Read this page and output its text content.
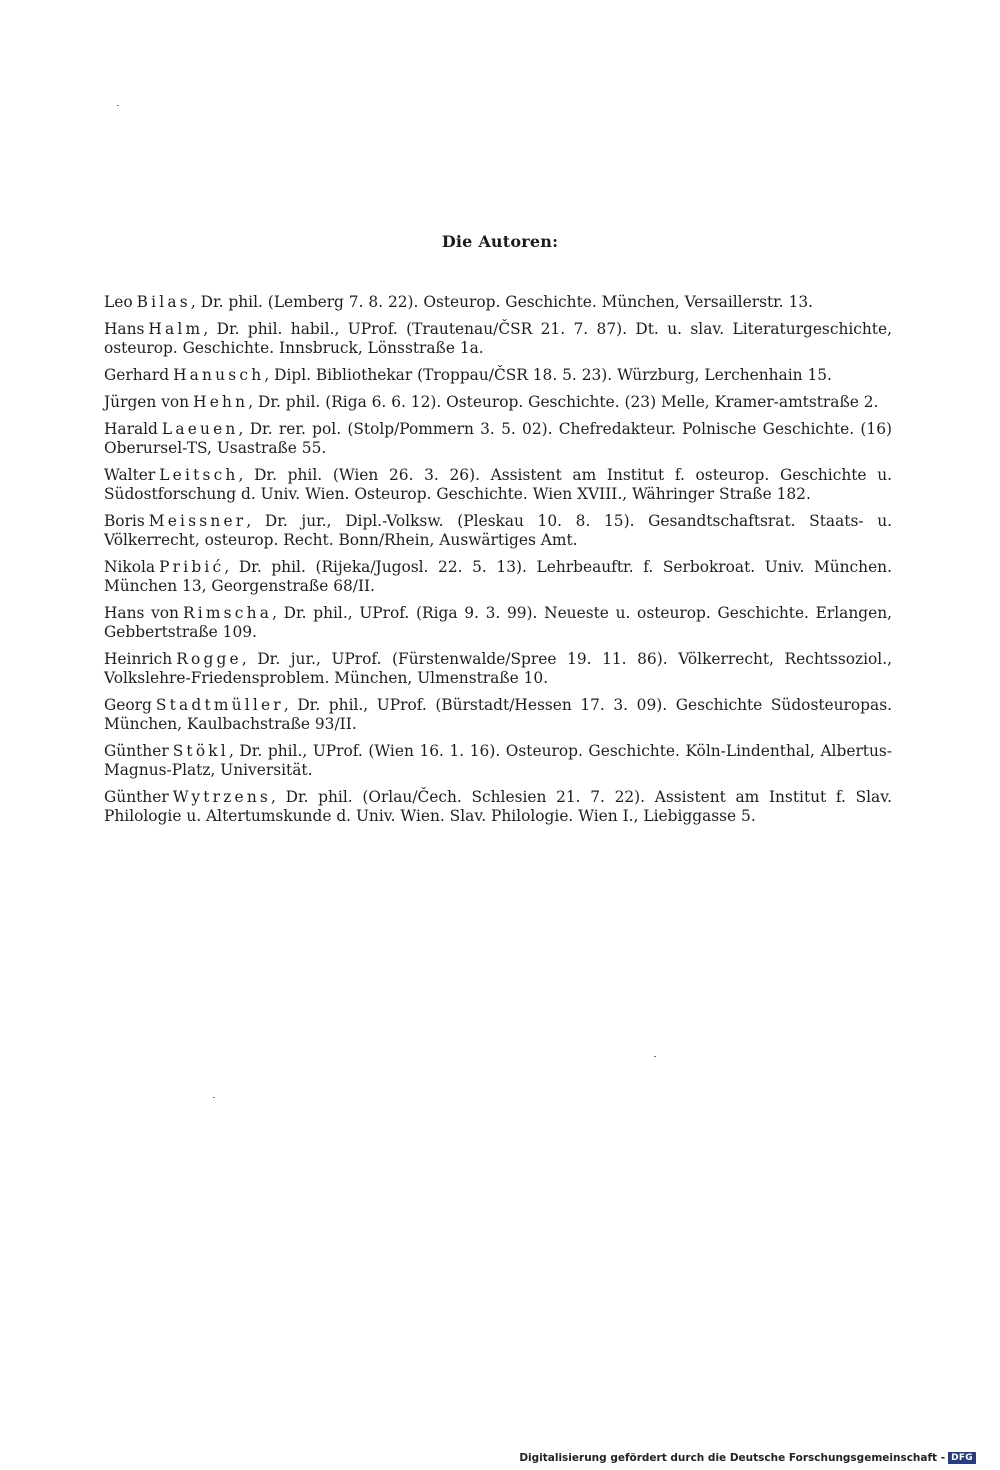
Die Autoren:
Leo Bilas, Dr. phil. (Lemberg 7. 8. 22). Osteurop. Geschichte. München, Versaillerstr. 13.
Hans Halm, Dr. phil. habil., UProf. (Trautenau/ČSR 21. 7. 87). Dt. u. slav. Literaturgeschichte, osteurop. Geschichte. Innsbruck, Lönsstraße 1a.
Gerhard Hanusch, Dipl. Bibliothekar (Troppau/ČSR 18. 5. 23). Würzburg, Lerchenhain 15.
Jürgen von Hehn, Dr. phil. (Riga 6. 6. 12). Osteurop. Geschichte. (23) Melle, Kramer-amtstraße 2.
Harald Laeuen, Dr. rer. pol. (Stolp/Pommern 3. 5. 02). Chefredakteur. Polnische Geschichte. (16) Oberursel-TS, Usastraße 55.
Walter Leitsch, Dr. phil. (Wien 26. 3. 26). Assistent am Institut f. osteurop. Geschichte u. Südostforschung d. Univ. Wien. Osteurop. Geschichte. Wien XVIII., Währinger Straße 182.
Boris Meissner, Dr. jur., Dipl.-Volksw. (Pleskau 10. 8. 15). Gesandtschaftsrat. Staats- u. Völkerrecht, osteurop. Recht. Bonn/Rhein, Auswärtiges Amt.
Nikola Pribić, Dr. phil. (Rijeka/Jugosl. 22. 5. 13). Lehrbeauftr. f. Serbokroat. Univ. München. München 13, Georgenstraße 68/II.
Hans von Rimscha, Dr. phil., UProf. (Riga 9. 3. 99). Neueste u. osteurop. Geschichte. Erlangen, Gebbertstraße 109.
Heinrich Rogge, Dr. jur., UProf. (Fürstenwalde/Spree 19. 11. 86). Völkerrecht, Rechtssoziol., Volkslehre-Friedensproblem. München, Ulmenstraße 10.
Georg Stadtmüller, Dr. phil., UProf. (Bürstadt/Hessen 17. 3. 09). Geschichte Südosteuropas. München, Kaulbachstraße 93/II.
Günther Stökl, Dr. phil., UProf. (Wien 16. 1. 16). Osteurop. Geschichte. Köln-Lindenthal, Albertus-Magnus-Platz, Universität.
Günther Wytrzens, Dr. phil. (Orlau/Čech. Schlesien 21. 7. 22). Assistent am Institut f. Slav. Philologie u. Altertumskunde d. Univ. Wien. Slav. Philologie. Wien I., Liebiggasse 5.
Digitalisierung gefördert durch die Deutsche Forschungsgemeinschaft - DFG
